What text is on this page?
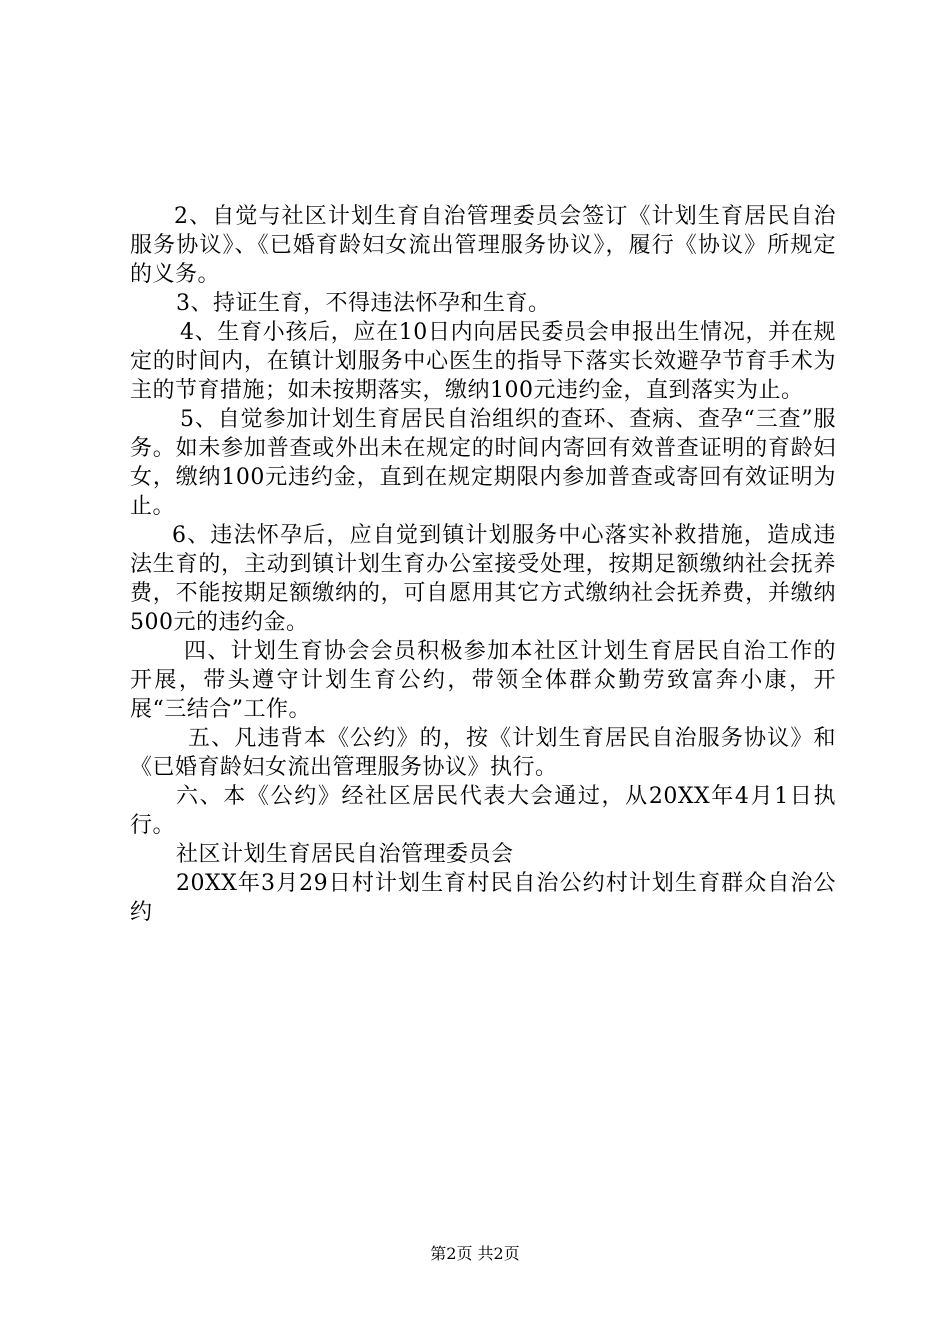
2、自觉与社区计划生育自治管理委员会签订《计划生育居民自治服务协议》、《已婚育龄妇女流出管理服务协议》，履行《协议》所规定的义务。

3、持证生育，不得违法怀孕和生育。

4、生育小孩后，应在10日内向居民委员会申报出生情况，并在规定的时间内，在镇计划服务中心医生的指导下落实长效避孕节育手术为主的节育措施；如未按期落实，缴纳100元违约金，直到落实为止。

5、自觉参加计划生育居民自治组织的查环、查病、查孕“三查”服务。如未参加普查或外出未在规定的时间内寄回有效普查证明的育龄妇女，缴纳100元违约金，直到在规定期限内参加普查或寄回有效证明为止。

6、违法怀孕后，应自觉到镇计划服务中心落实补救措施，造成违法生育的，主动到镇计划生育办公室接受处理，按期足额缴纳社会抚养费，不能按期足额缴纳的，可自愿用其它方式缴纳社会抚养费，并缴纳500元的违约金。

四、计划生育协会会员积极参加本社区计划生育居民自治工作的开展，带头遵守计划生育公约，带领全体群众勤劳致富奔小康，开展“三结合”工作。

五、凡违背本《公约》的，按《计划生育居民自治服务协议》和《已婚育龄妇女流出管理服务协议》执行。

六、本《公约》经社区居民代表大会通过，从20XX年4月1日执行。

社区计划生育居民自治管理委员会

20XX年3月29日村计划生育村民自治公约村计划生育群众自治公约

第2页 共2页
